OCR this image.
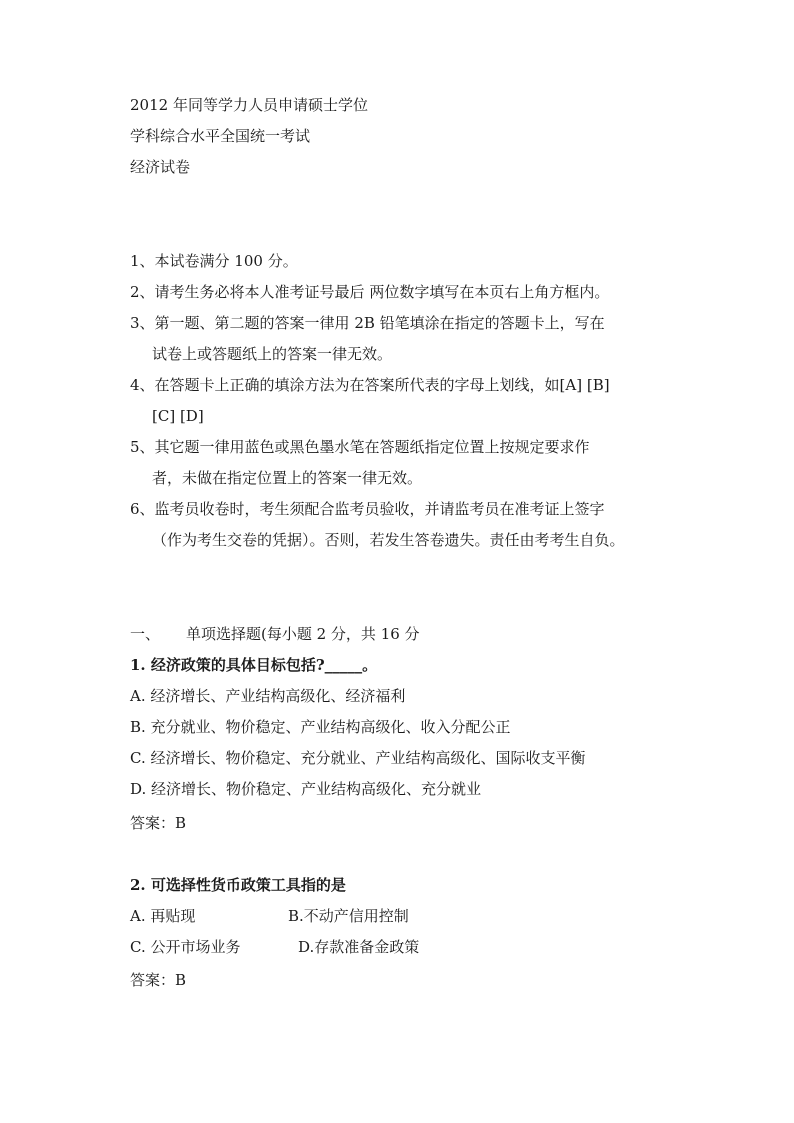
2012 年同等学力人员申请硕士学位
学科综合水平全国统一考试
经济试卷
1、本试卷满分 100 分。
2、请考生务必将本人准考证号最后 两位数字填写在本页右上角方框内。
3、第一题、第二题的答案一律用 2B 铅笔填涂在指定的答题卡上，写在
试卷上或答题纸上的答案一律无效。
4、在答题卡上正确的填涂方法为在答案所代表的字母上划线，如[A] [B]
[C] [D]
5、其它题一律用蓝色或黑色墨水笔在答题纸指定位置上按规定要求作
者，未做在指定位置上的答案一律无效。
6、监考员收卷时，考生须配合监考员验收，并请监考员在准考证上签字
（作为考生交卷的凭据）。否则，若发生答卷遗失。责任由考考生自负。
一、 单项选择题(每小题 2 分，共 16 分
1. 经济政策的具体目标包括?_____。
A. 经济增长、产业结构高级化、经济福利
B. 充分就业、物价稳定、产业结构高级化、收入分配公正
C. 经济增长、物价稳定、充分就业、产业结构高级化、国际收支平衡
D. 经济增长、物价稳定、产业结构高级化、充分就业
答案：B
2. 可选择性货币政策工具指的是
A. 再贴现	B.不动产信用控制
C. 公开市场业务	D.存款准备金政策
答案：B
